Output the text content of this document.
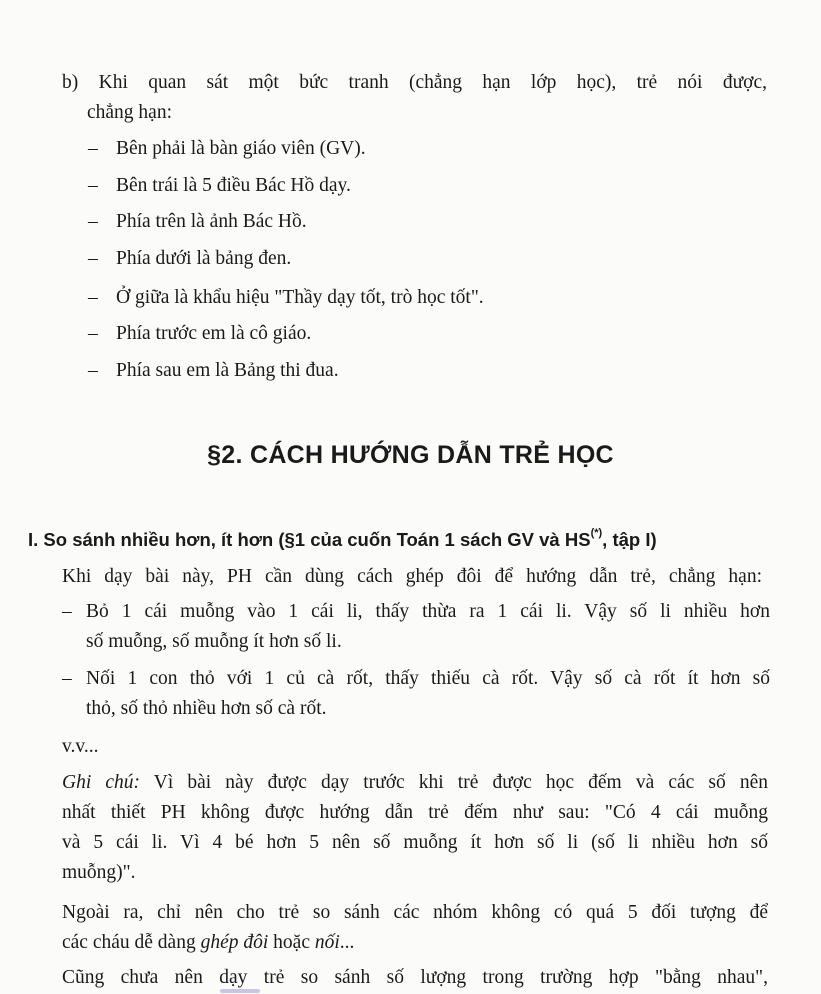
b) Khi quan sát một bức tranh (chẳng hạn lớp học), trẻ nói được,

chẳng hạn:

– Bên phải là bàn giáo viên (GV).
– Bên trái là 5 điều Bác Hồ dạy.
– Phía trên là ảnh Bác Hồ.
– Phía dưới là bảng đen.
– Ở giữa là khẩu hiệu "Thầy dạy tốt, trò học tốt".
– Phía trước em là cô giáo.
– Phía sau em là Bảng thi đua.
§2. CÁCH HƯỚNG DẪN TRẺ HỌC
I. So sánh nhiều hơn, ít hơn (§1 của cuốn Toán 1 sách GV và HS(*), tập I)

Khi dạy bài này, PH cần dùng cách ghép đôi để hướng dẫn trẻ, chẳng hạn:

– Bỏ 1 cái muỗng vào 1 cái li, thấy thừa ra 1 cái li. Vậy số li nhiều hơn

số muỗng, số muỗng ít hơn số li.

– Nối 1 con thỏ với 1 củ cà rốt, thấy thiếu cà rốt. Vậy số cà rốt ít hơn số

thỏ, số thỏ nhiều hơn số cà rốt.

v.v...

Ghi chú: Vì bài này được dạy trước khi trẻ được học đếm và các số nên

nhất thiết PH không được hướng dẫn trẻ đếm như sau: "Có 4 cái muỗng

và 5 cái li. Vì 4 bé hơn 5 nên số muỗng ít hơn số li (số li nhiều hơn số

muỗng)".

Ngoài ra, chỉ nên cho trẻ so sánh các nhóm không có quá 5 đối tượng để

các cháu dễ dàng ghép đôi hoặc nối...

Cũng chưa nên dạy trẻ so sánh số lượng trong trường hợp "bằng nhau",
